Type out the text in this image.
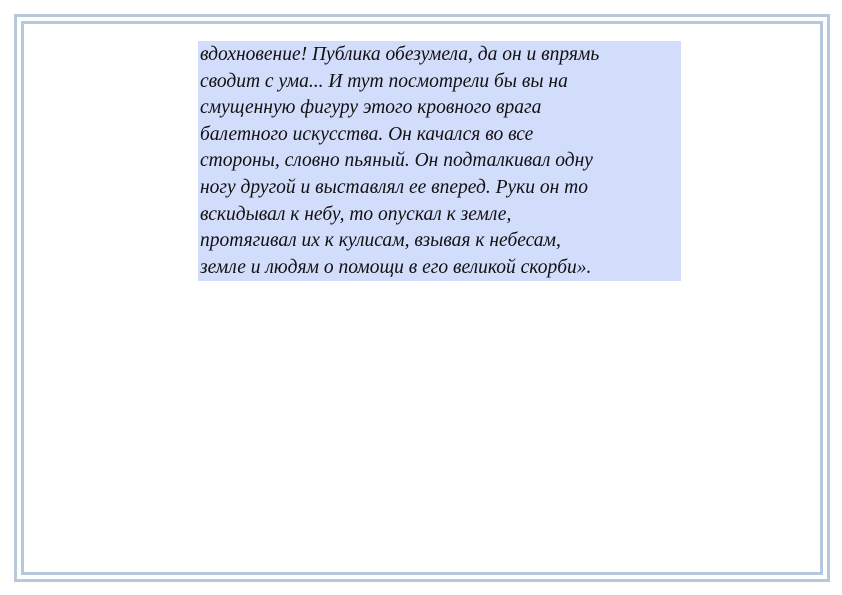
вдохновение! Публика обезумела, да он и впрямь
сводит с ума... И тут посмотрели бы вы на
смущенную фигуру этого кровного врага
балетного искусства. Он качался во все
стороны, словно пьяный. Он подталкивал одну
ногу другой и выставлял ее вперед. Руки он то
вскидывал к небу, то опускал к земле,
протягивал их к кулисам, взывая к небесам,
земле и людям о помощи в его великой скорби».
